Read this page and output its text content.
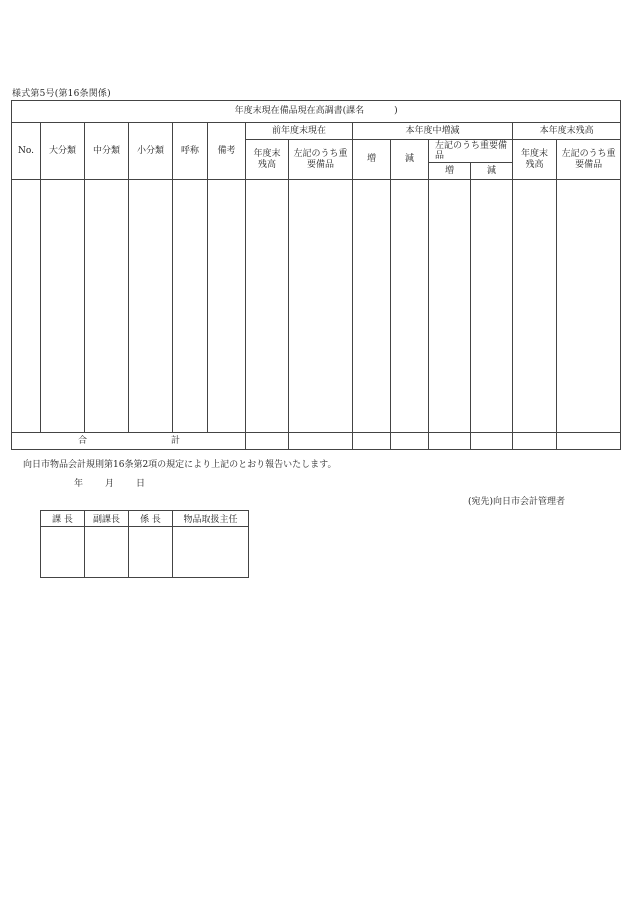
様式第5号(第16条関係)
年度末現在備品現在高調書(課名 )													
No.	大分類	中分類	小分類	呼称	備考	前年度末現在		本年度中増減				本年度末残高	

						年度末残高	左記のうち重要備品	増	減	左記のうち重要備品		年度末残高	左記のうち重要備品

										増	減		

合 計													
向日市物品会計規則第16条第2項の規定により上記のとおり報告いたします。
年 月 日
(宛先)向日市会計管理者
課 長	副課長	係 長	物品取扱主任
